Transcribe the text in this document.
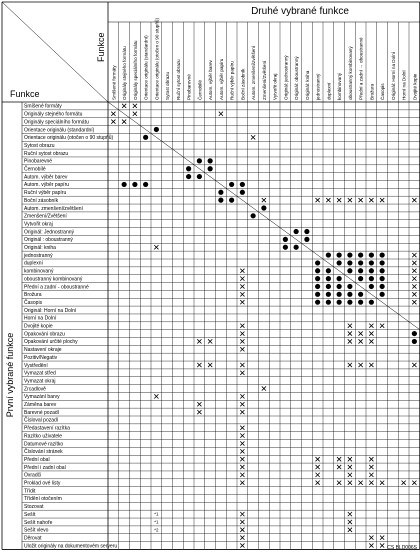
Smíšené formáty
Originály stejného formátu
Originály speciálního formátu
Orientace originálu (standardní)
Orientace originálu (otočen o 90 stupňů)
Sytost obrazu
Ruční sytost obrazu
Pinobarevné
Černobílé
Autom. výběr barev
Autom. výběr papíru
Ruční výběr papíru
Boční zásobník
Autom. zmenšení/zvětšení
Zmenšení/Zvětšení
Vytvořit okraj
Originál: Jednostranný
Originál : oboustranný
Originál: kniha
jednostranný
duplexní
kombinovaný
oboustranný kombinovaný
Přední a zadní - oboustranné
Brožura
Časopis
Originál: Horní na Dolní
Horní na Dolní
Dvojité kopie
Opakování obrazu
Opakování určité plochy
Nastavení okraje
Pozitiv/Negativ
Vystředění
Vymazat střed
Vymazat okraj
Zrcadlově
Vymazání barvy
Záměna barev
Barevné pozadí
Čísloval pozadí
Předastavení razítka
Razítko uživatele
Datumové razítko
Číslování stránek
Přední obal
Přední i zadní obal
Oxradči
Proklad ové listy
Třídit
Třídění otočením
Stozovat
Sešít
Sešít nahoře
Sešít vlevo
Děrovat
Uložit originály na dokumentovém serveru
Smíšené formáty Originály stejného formátu Originály speciálního formátu Orientace originálu (standardní) Orientace originálu (otočen o 90 stupňů) Sytost obrazu Ruční sytost obrazu Pinobarevné Černobílé Autom. výběr barev Autom. výběr papíru Ruční výběr papíru Boční zásobník Autom. zmenšení/zvětšení Zmenšení/Zvětšení Vytvořit okraj Originál: jednostranný Originál: oboustranný Originál: kniha jednostranný duplexní kombinovaný oboustranný kombinovaný Přední a zadní → oboustranné Brožura Časopis Originál: Horní na Dolní Horní na Dolní Dvojité kopie
*1
*1
*2
Druhé vybrané funkce
Funkce
Funkce
První vybrané funkce
CS BLD006S
